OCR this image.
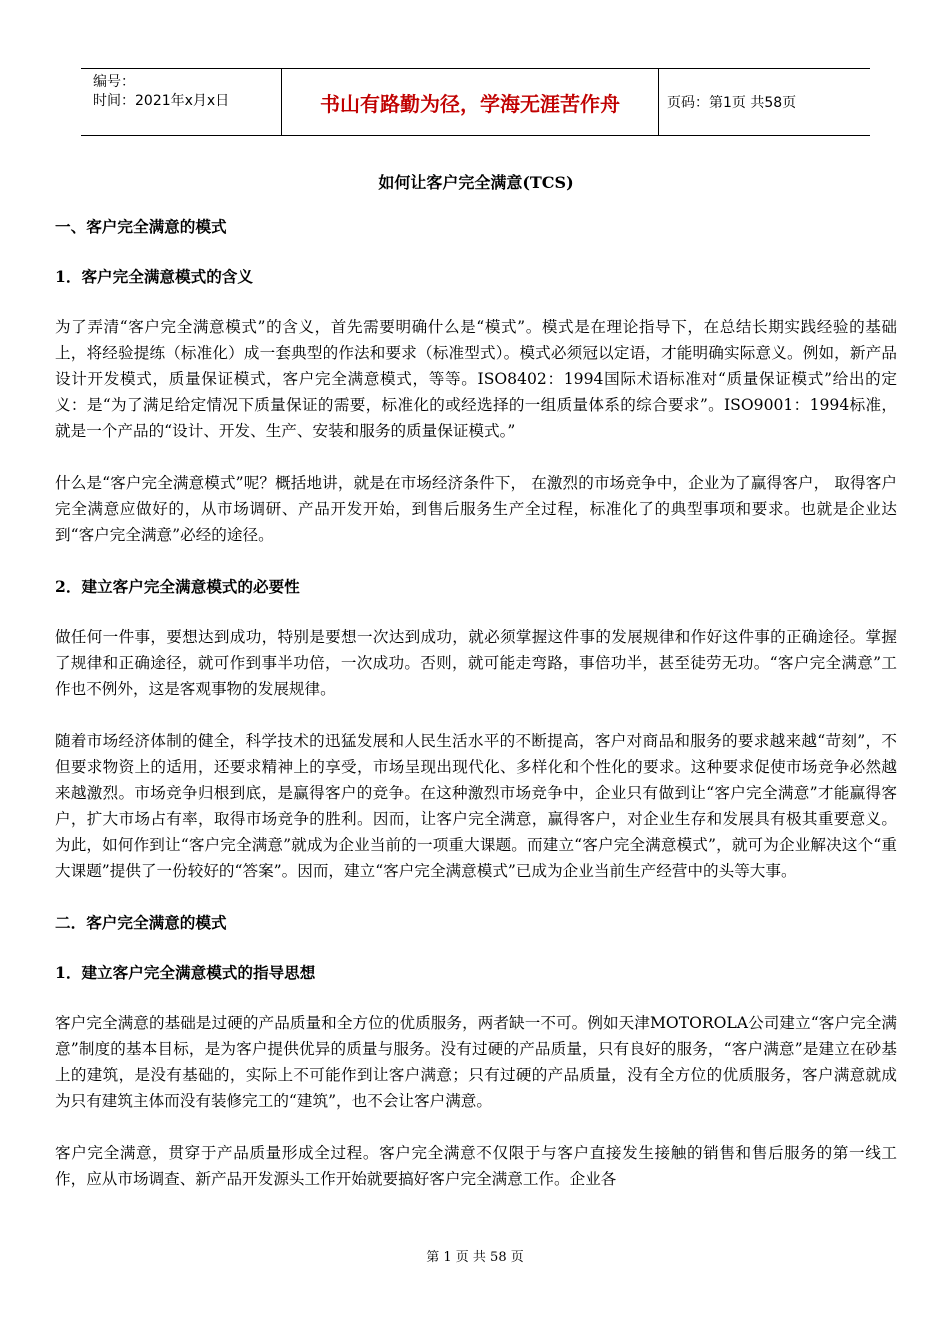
编号：
时间：2021年x月x日	书山有路勤为径，学海无涯苦作舟	页码：第1页 共58页
如何让客户完全满意(TCS)
一、客户完全满意的模式
1．客户完全满意模式的含义

为了弄清“客户完全满意模式”的含义，首先需要明确什么是“模式”。模式是在理论指导下，在总结长期实践经验的基础上，将经验提练（标准化）成一套典型的作法和要求（标准型式）。模式必须冠以定语，才能明确实际意义。例如，新产品设计开发模式，质量保证模式，客户完全满意模式，等等。ISO8402：1994国际术语标准对“质量保证模式”给出的定义：是“为了满足给定情况下质量保证的需要，标准化的或经选择的一组质量体系的综合要求”。ISO9001：1994标准，就是一个产品的“设计、开发、生产、安装和服务的质量保证模式。”

什么是“客户完全满意模式”呢？概括地讲，就是在市场经济条件下， 在激烈的市场竞争中，企业为了赢得客户， 取得客户完全满意应做好的，从市场调研、产品开发开始，到售后服务生产全过程，标准化了的典型事项和要求。也就是企业达到“客户完全满意”必经的途径。

2．建立客户完全满意模式的必要性

做任何一件事，要想达到成功，特别是要想一次达到成功，就必须掌握这件事的发展规律和作好这件事的正确途径。掌握了规律和正确途径，就可作到事半功倍，一次成功。否则，就可能走弯路，事倍功半，甚至徒劳无功。“客户完全满意”工作也不例外，这是客观事物的发展规律。

随着市场经济体制的健全，科学技术的迅猛发展和人民生活水平的不断提高，客户对商品和服务的要求越来越“苛刻”，不但要求物资上的适用，还要求精神上的享受，市场呈现出现代化、多样化和个性化的要求。这种要求促使市场竞争必然越来越激烈。市场竞争归根到底，是赢得客户的竞争。在这种激烈市场竞争中，企业只有做到让“客户完全满意”才能赢得客户，扩大市场占有率，取得市场竞争的胜利。因而，让客户完全满意，赢得客户，对企业生存和发展具有极其重要意义。为此，如何作到让“客户完全满意”就成为企业当前的一项重大课题。而建立“客户完全满意模式”，就可为企业解决这个“重大课题”提供了一份较好的“答案”。因而，建立“客户完全满意模式”已成为企业当前生产经营中的头等大事。

二．客户完全满意的模式
1．建立客户完全满意模式的指导思想

客户完全满意的基础是过硬的产品质量和全方位的优质服务，两者缺一不可。例如天津MOTOROLA公司建立“客户完全满意”制度的基本目标，是为客户提供优异的质量与服务。没有过硬的产品质量，只有良好的服务，“客户满意”是建立在砂基上的建筑，是没有基础的，实际上不可能作到让客户满意；只有过硬的产品质量，没有全方位的优质服务，客户满意就成为只有建筑主体而没有装修完工的“建筑”，也不会让客户满意。

客户完全满意，贯穿于产品质量形成全过程。客户完全满意不仅限于与客户直接发生接触的销售和售后服务的第一线工作，应从市场调查、新产品开发源头工作开始就要搞好客户完全满意工作。企业各

第 1 页 共 58 页
